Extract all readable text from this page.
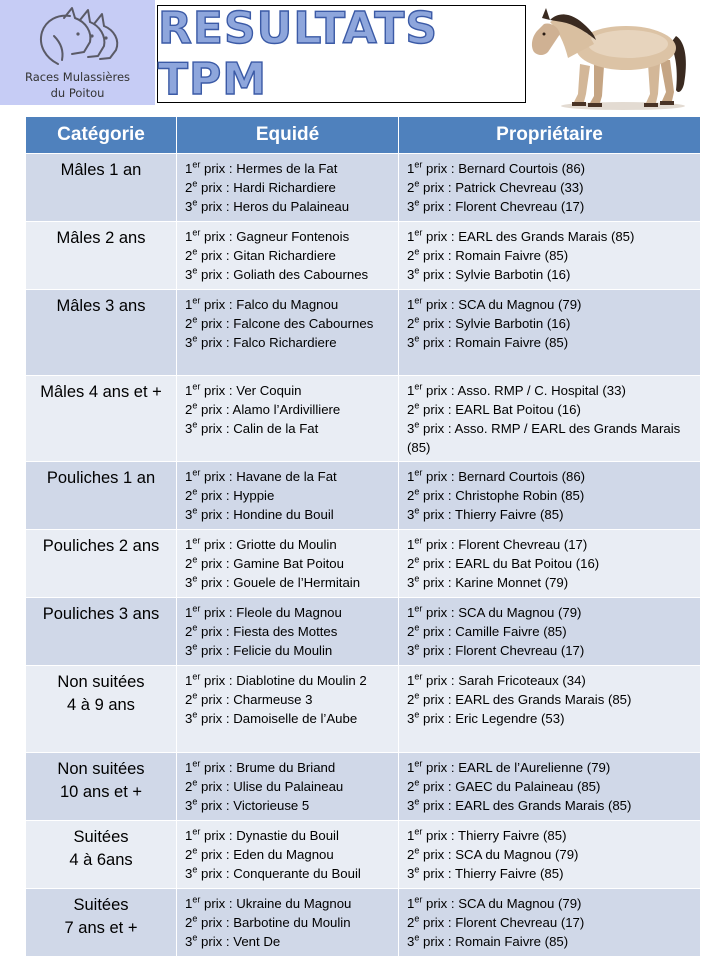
Races Mulassières
du Poitou
RESULTATS TPM
Catégorie	Equidé	Propriétaire

Mâles 1 an	1er prix : Hermes de la Fat
2e prix : Hardi Richardiere
3e prix : Heros du Palaineau	1er prix : Bernard Courtois (86)
2e prix : Patrick Chevreau (33)
3e prix : Florent Chevreau (17)

Mâles 2 ans	1er prix : Gagneur Fontenois
2e prix : Gitan Richardiere
3e prix : Goliath des Cabournes	1er prix : EARL des Grands Marais (85)
2e prix : Romain Faivre (85)
3e prix : Sylvie Barbotin (16)

Mâles 3 ans	1er prix : Falco du Magnou
2e prix : Falcone des Cabournes
3e prix : Falco Richardiere	1er prix : SCA du Magnou (79)
2e prix : Sylvie Barbotin (16)
3e prix : Romain Faivre (85)

Mâles 4 ans et +	1er prix : Ver Coquin
2e prix : Alamo l’Ardivilliere
3e prix : Calin de la Fat	1er prix : Asso. RMP / C. Hospital (33)
2e prix : EARL Bat Poitou (16)
3e prix : Asso. RMP / EARL des Grands Marais (85)

Pouliches 1 an	1er prix : Havane de la Fat
2e prix : Hyppie
3e prix : Hondine du Bouil	1er prix : Bernard Courtois (86)
2e prix : Christophe Robin (85)
3e prix : Thierry Faivre (85)

Pouliches 2 ans	1er prix : Griotte du Moulin
2e prix : Gamine Bat Poitou
3e prix : Gouele de l’Hermitain	1er prix : Florent Chevreau (17)
2e prix : EARL du Bat Poitou (16)
3e prix : Karine Monnet (79)

Pouliches 3 ans	1er prix : Fleole du Magnou
2e prix : Fiesta des Mottes
3e prix : Felicie du Moulin	1er prix : SCA du Magnou (79)
2e prix : Camille Faivre (85)
3e prix : Florent Chevreau (17)

Non suitées
4 à 9 ans	1er prix : Diablotine du Moulin 2
2e prix : Charmeuse 3
3e prix : Damoiselle de l’Aube	1er prix : Sarah Fricoteaux (34)
2e prix : EARL des Grands Marais (85)
3e prix : Eric Legendre (53)

Non suitées
10 ans et +	1er prix : Brume du Briand
2e prix : Ulise du Palaineau
3e prix : Victorieuse 5	1er prix : EARL de l’Aurelienne (79)
2e prix : GAEC du Palaineau (85)
3e prix : EARL des Grands Marais (85)

Suitées
4 à 6ans	1er prix : Dynastie du Bouil
2e prix : Eden du Magnou
3e prix : Conquerante du Bouil	1er prix : Thierry Faivre (85)
2e prix : SCA du Magnou (79)
3e prix : Thierry Faivre (85)

Suitées
7 ans et +	1er prix : Ukraine du Magnou
2e prix : Barbotine du Moulin
3e prix : Vent De	1er prix : SCA du Magnou (79)
2e prix : Florent Chevreau (17)
3e prix : Romain Faivre (85)
